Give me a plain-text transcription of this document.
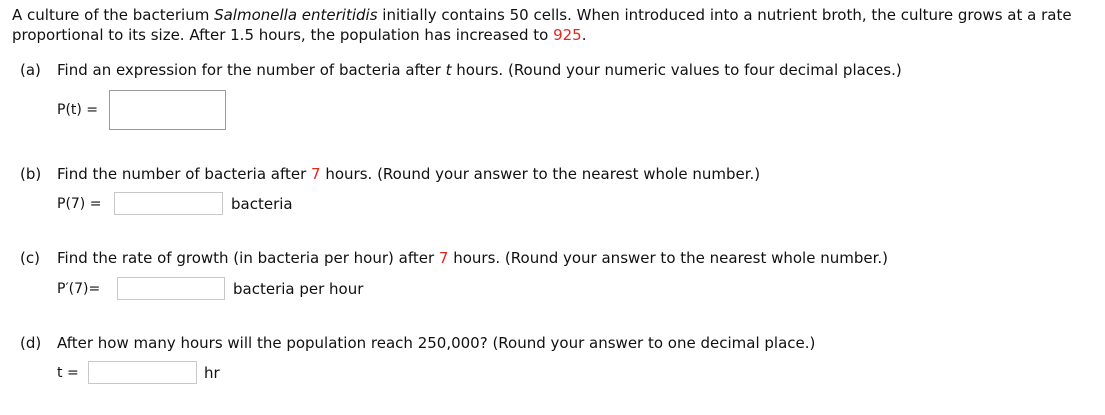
A culture of the bacterium Salmonella enteritidis initially contains 50 cells. When introduced into a nutrient broth, the culture grows at a rate proportional to its size. After 1.5 hours, the population has increased to 925.
(a) Find an expression for the number of bacteria after t hours. (Round your numeric values to four decimal places.)
P(t) =
(b) Find the number of bacteria after 7 hours. (Round your answer to the nearest whole number.)
P(7) =	bacteria
(c) Find the rate of growth (in bacteria per hour) after 7 hours. (Round your answer to the nearest whole number.)
P′(7)=	bacteria per hour
(d) After how many hours will the population reach 250,000? (Round your answer to one decimal place.)
t =	hr
